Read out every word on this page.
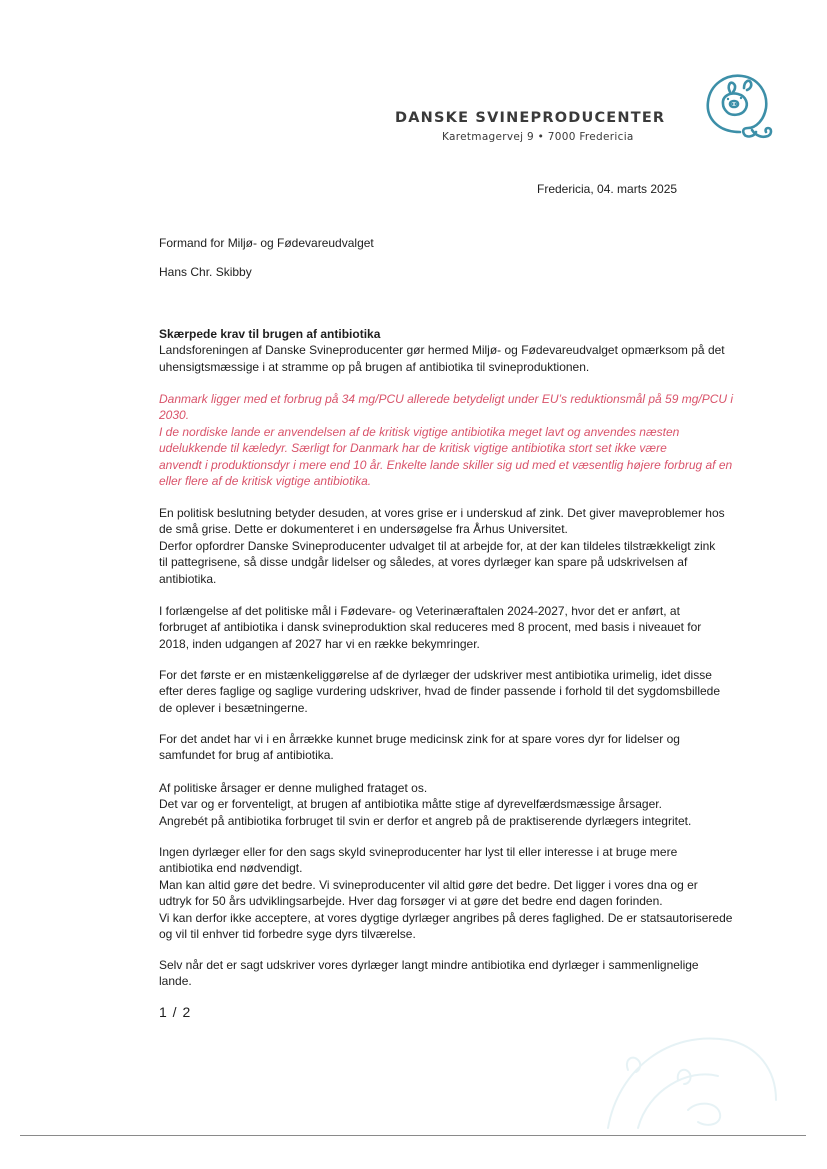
DANSKE SVINEPRODUCENTER
Karetmagervej 9 • 7000 Fredericia
Fredericia, 04. marts 2025
Formand for Miljø- og Fødevareudvalget
Hans Chr. Skibby

Skærpede krav til brugen af antibiotika

Landsforeningen af Danske Svineproducenter gør hermed Miljø- og Fødevareudvalget opmærksom på det

uhensigtsmæssige i at stramme op på brugen af antibiotika til svineproduktionen.

Danmark ligger med et forbrug på 34 mg/PCU allerede betydeligt under EU’s reduktionsmål på 59 mg/PCU i

2030.

I de nordiske lande er anvendelsen af de kritisk vigtige antibiotika meget lavt og anvendes næsten

udelukkende til kæledyr. Særligt for Danmark har de kritisk vigtige antibiotika stort set ikke være

anvendt i produktionsdyr i mere end 10 år. Enkelte lande skiller sig ud med et væsentlig højere forbrug af en

eller flere af de kritisk vigtige antibiotika.

En politisk beslutning betyder desuden, at vores grise er i underskud af zink. Det giver maveproblemer hos

de små grise. Dette er dokumenteret i en undersøgelse fra Århus Universitet.

Derfor opfordrer Danske Svineproducenter udvalget til at arbejde for, at der kan tildeles tilstrækkeligt zink

til pattegrisene, så disse undgår lidelser og således, at vores dyrlæger kan spare på udskrivelsen af

antibiotika.

I forlængelse af det politiske mål i Fødevare- og Veterinæraftalen 2024-2027, hvor det er anført, at

forbruget af antibiotika i dansk svineproduktion skal reduceres med 8 procent, med basis i niveauet for

2018, inden udgangen af 2027 har vi en række bekymringer.

For det første er en mistænkeliggørelse af de dyrlæger der udskriver mest antibiotika urimelig, idet disse

efter deres faglige og saglige vurdering udskriver, hvad de finder passende i forhold til det sygdomsbillede

de oplever i besætningerne.

For det andet har vi i en årrække kunnet bruge medicinsk zink for at spare vores dyr for lidelser og

samfundet for brug af antibiotika.

Af politiske årsager er denne mulighed frataget os.

Det var og er forventeligt, at brugen af antibiotika måtte stige af dyrevelfærdsmæssige årsager.

Angrebét på antibiotika forbruget til svin er derfor et angreb på de praktiserende dyrlægers integritet.

Ingen dyrlæger eller for den sags skyld svineproducenter har lyst til eller interesse i at bruge mere

antibiotika end nødvendigt.

Man kan altid gøre det bedre. Vi svineproducenter vil altid gøre det bedre. Det ligger i vores dna og er

udtryk for 50 års udviklingsarbejde. Hver dag forsøger vi at gøre det bedre end dagen forinden.

Vi kan derfor ikke acceptere, at vores dygtige dyrlæger angribes på deres faglighed. De er statsautoriserede

og vil til enhver tid forbedre syge dyrs tilværelse.

Selv når det er sagt udskriver vores dyrlæger langt mindre antibiotika end dyrlæger i sammenlignelige

lande.

1 / 2
